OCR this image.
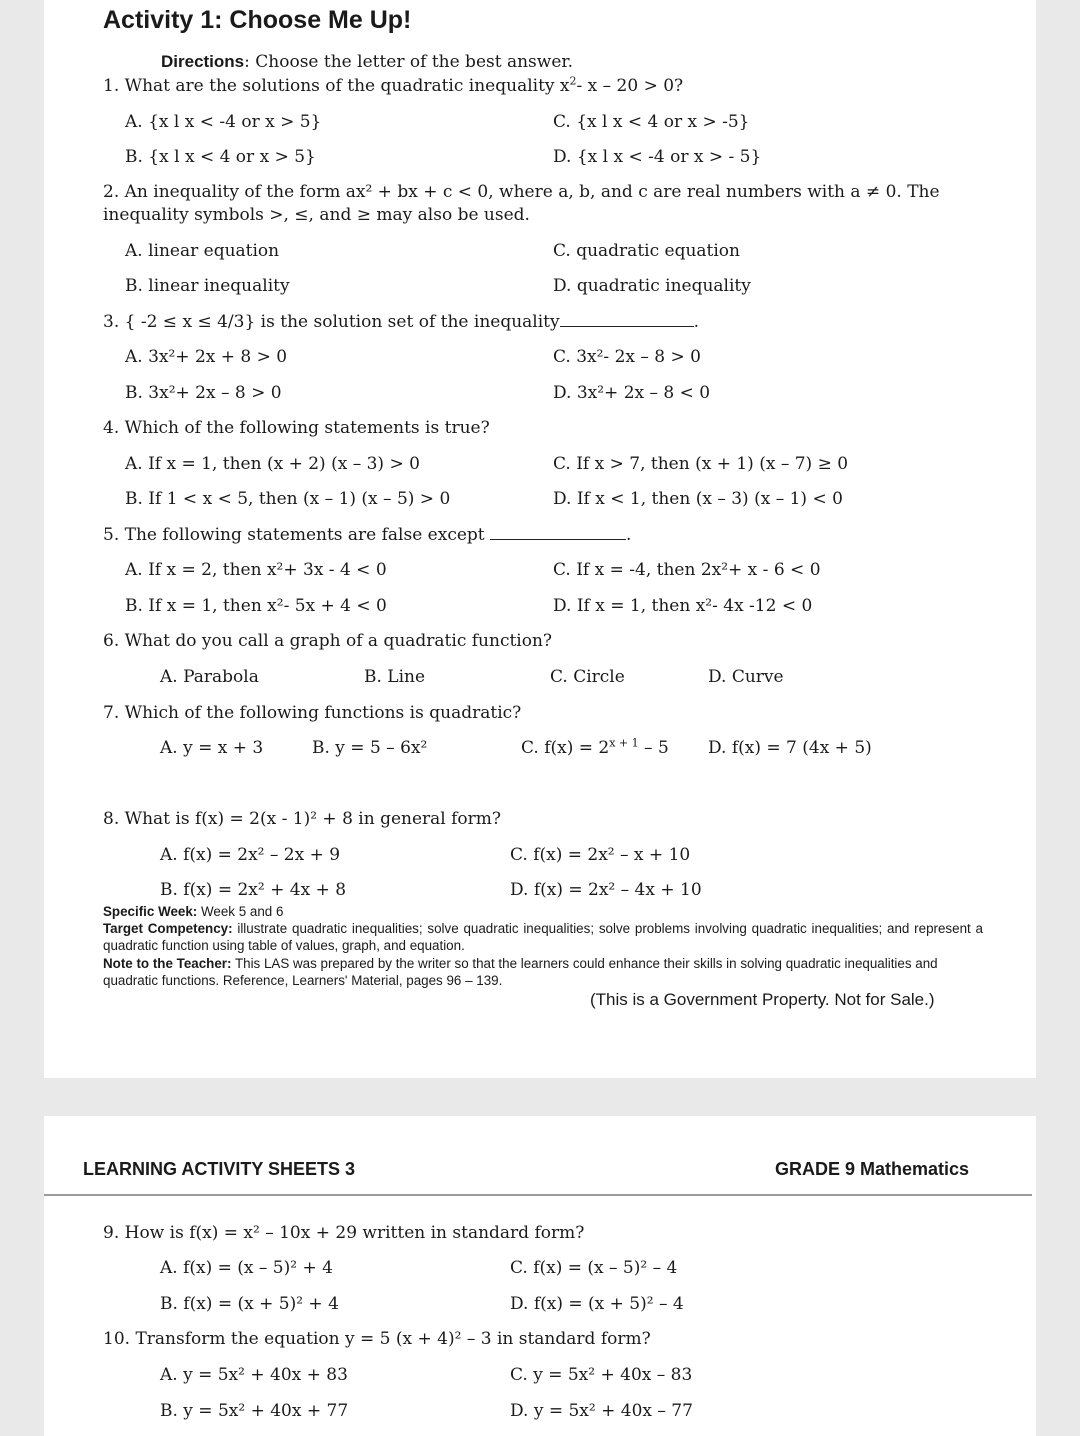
Activity 1: Choose Me Up!
Directions: Choose the letter of the best answer.
1. What are the solutions of the quadratic inequality $x^2-$ x – 20 > 0?
A. {x l x < -4 or x > 5}	C. {x l x < 4 or x > -5}
B. {x l x < 4 or x > 5}	D. {x l x < -4 or x > - 5}
2. An inequality of the form ax² + bx + c < 0, where a, b, and c are real numbers with a ≠ 0. The
inequality symbols >, ≤, and ≥ may also be used.
A. linear equation	C. quadratic equation
B. linear inequality	D. quadratic inequality
3. { -2 ≤ x ≤ 4/3} is the solution set of the inequality	.
A. 3x²+ 2x + 8 > 0	C. 3x²- 2x – 8 > 0
B. 3x²+ 2x – 8 > 0	D. 3x²+ 2x – 8 < 0
4. Which of the following statements is true?
A. If x = 1, then (x + 2) (x – 3) > 0	C. If x > 7, then (x + 1) (x – 7) ≥ 0
B. If 1 < x < 5, then (x – 1) (x – 5) > 0	D. If x < 1, then (x – 3) (x – 1) < 0
5. The following statements are false except	.
A. If x = 2, then x²+ 3x - 4 < 0	C. If x = -4, then 2x²+ x - 6 < 0
B. If x = 1, then x²- 5x + 4 < 0	D. If x = 1, then x²- 4x -12 < 0
6. What do you call a graph of a quadratic function?
A. Parabola	B. Line	C. Circle	D. Curve
7. Which of the following functions is quadratic?
A. y = x + 3	B. y = 5 – 6x²	C. $f(x) = 2^{x + 1} - 5$ D. f(x) = 7 (4x + 5)
8. What is f(x) = 2(x - 1)² + 8 in general form?
A. f(x) = 2x² – 2x + 9	C. f(x) = 2x² – x + 10
B. f(x) = 2x² + 4x + 8	D. f(x) = 2x² – 4x + 10
Specific Week: Week 5 and 6
Target Competency: illustrate quadratic inequalities; solve quadratic inequalities; solve problems involving quadratic inequalities; and represent a quadratic function using table of values, graph, and equation.
Note to the Teacher: This LAS was prepared by the writer so that the learners could enhance their skills in solving quadratic inequalities and quadratic functions. Reference, Learners' Material, pages 96 – 139.
(This is a Government Property. Not for Sale.)
LEARNING ACTIVITY SHEETS 3	GRADE 9 Mathematics
9. How is f(x) = x² – 10x + 29 written in standard form?
A. f(x) = (x – 5)² + 4	C. f(x) = (x – 5)² – 4
B. f(x) = (x + 5)² + 4	D. f(x) = (x + 5)² – 4
10. Transform the equation y = 5 (x + 4)² – 3 in standard form?
A. y = 5x² + 40x + 83	C. y = 5x² + 40x – 83
B. y = 5x² + 40x + 77	D. y = 5x² + 40x – 77
